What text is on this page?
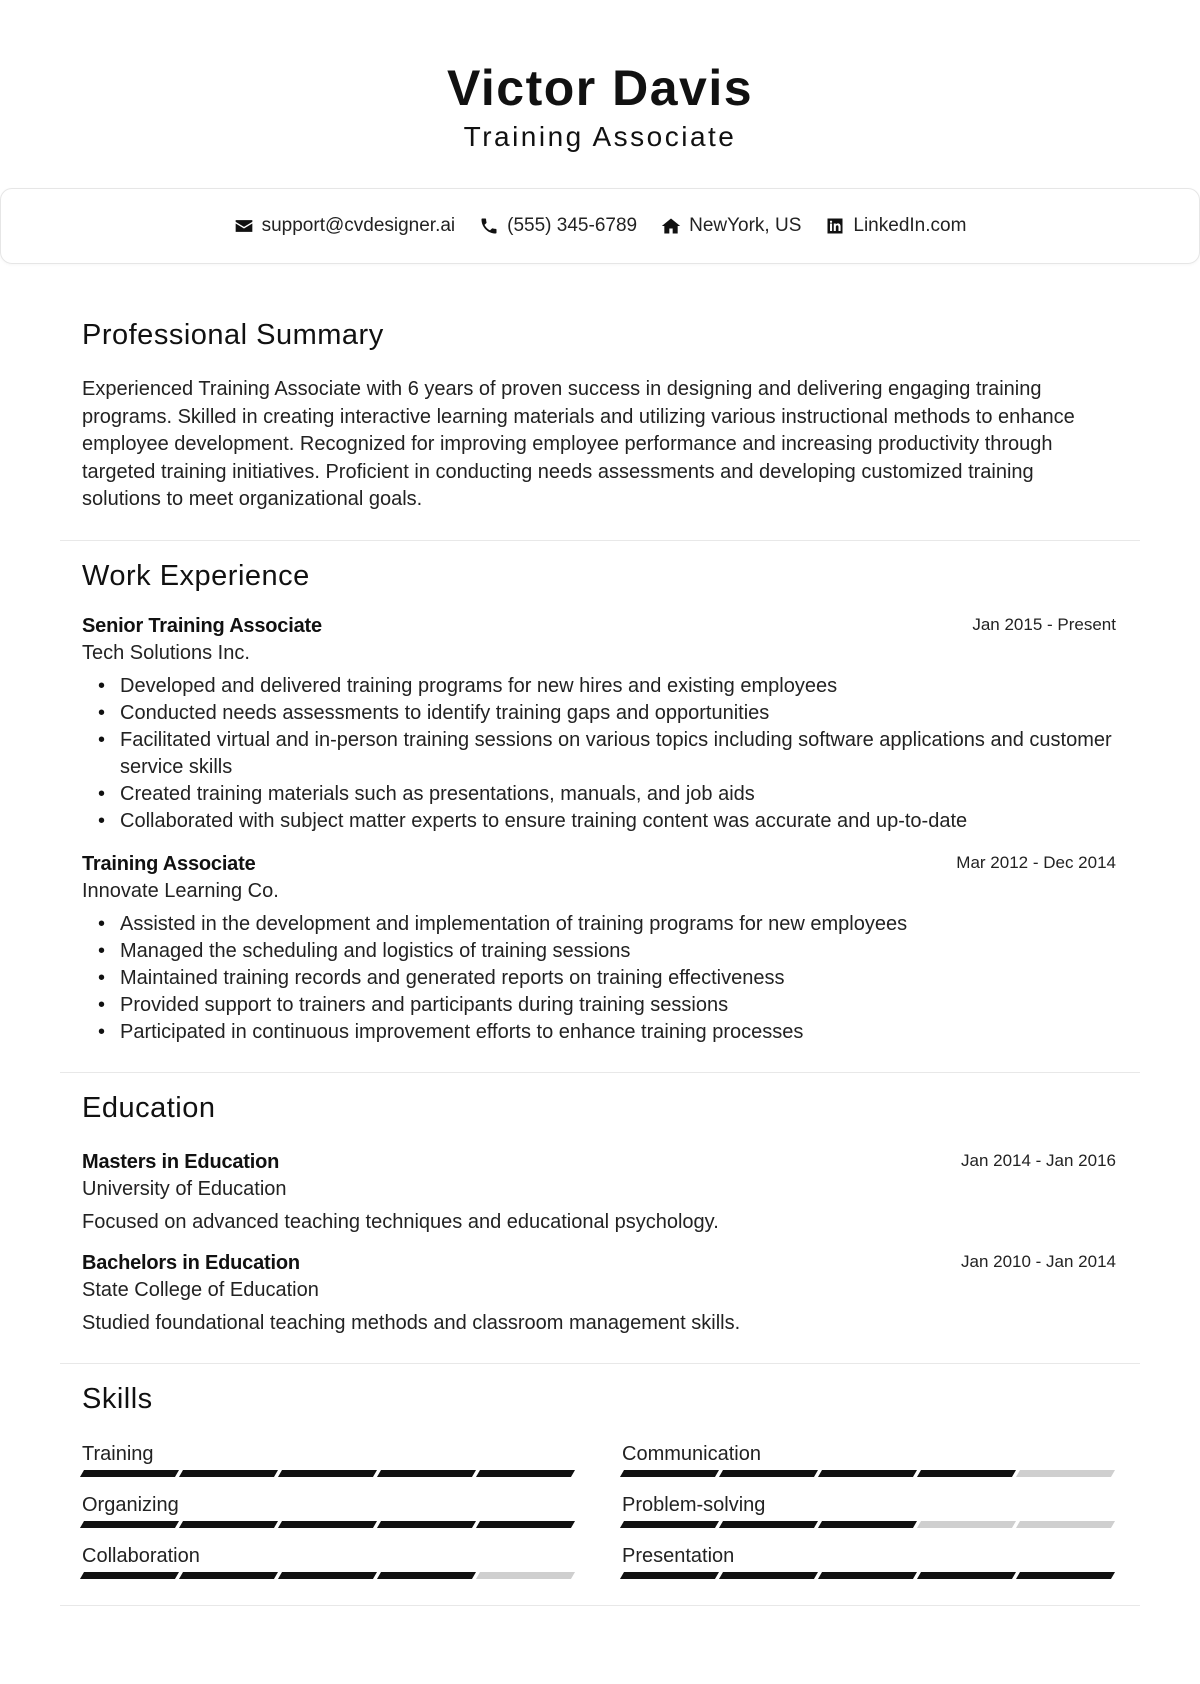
Victor Davis
Training Associate
support@cvdesigner.ai	(555) 345-6789	NewYork, US	LinkedIn.com
Professional Summary
Experienced Training Associate with 6 years of proven success in designing and delivering engaging training programs. Skilled in creating interactive learning materials and utilizing various instructional methods to enhance employee development. Recognized for improving employee performance and increasing productivity through targeted training initiatives. Proficient in conducting needs assessments and developing customized training solutions to meet organizational goals.
Work Experience
Senior Training Associate	Jan 2015 - Present
Tech Solutions Inc.
• Developed and delivered training programs for new hires and existing employees
• Conducted needs assessments to identify training gaps and opportunities
• Facilitated virtual and in-person training sessions on various topics including software applications and customer service skills
• Created training materials such as presentations, manuals, and job aids
• Collaborated with subject matter experts to ensure training content was accurate and up-to-date
Training Associate	Mar 2012 - Dec 2014
Innovate Learning Co.
• Assisted in the development and implementation of training programs for new employees
• Managed the scheduling and logistics of training sessions
• Maintained training records and generated reports on training effectiveness
• Provided support to trainers and participants during training sessions
• Participated in continuous improvement efforts to enhance training processes
Education
Masters in Education	Jan 2014 - Jan 2016
University of Education
Focused on advanced teaching techniques and educational psychology.
Bachelors in Education	Jan 2010 - Jan 2014
State College of Education
Studied foundational teaching methods and classroom management skills.
Skills
Training	Communication
Organizing	Problem-solving
Collaboration	Presentation
